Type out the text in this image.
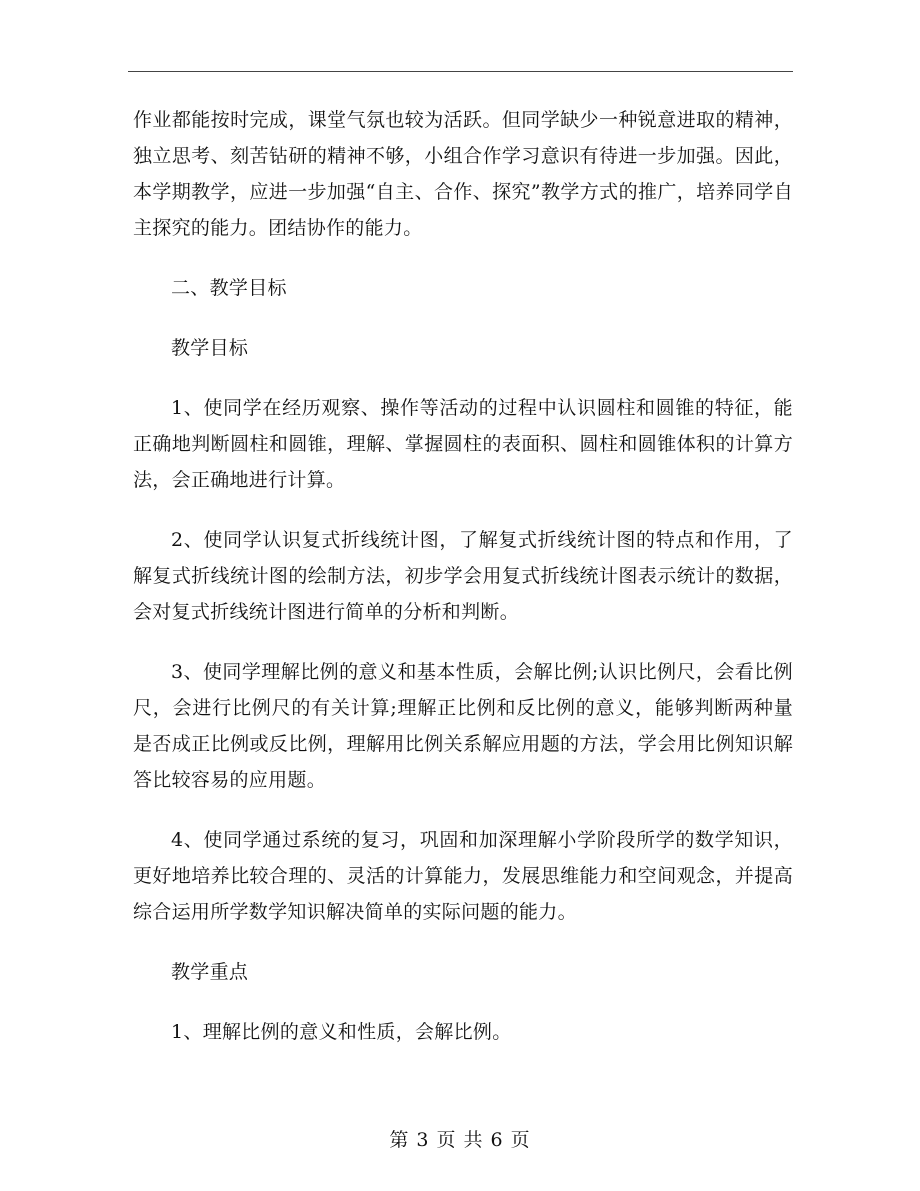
作业都能按时完成，课堂气氛也较为活跃。但同学缺少一种锐意进取的精神，独立思考、刻苦钻研的精神不够，小组合作学习意识有待进一步加强。因此，本学期教学，应进一步加强“自主、合作、探究”教学方式的推广，培养同学自主探究的能力。团结协作的能力。

二、教学目标

教学目标

1、使同学在经历观察、操作等活动的过程中认识圆柱和圆锥的特征，能正确地判断圆柱和圆锥，理解、掌握圆柱的表面积、圆柱和圆锥体积的计算方法，会正确地进行计算。

2、使同学认识复式折线统计图，了解复式折线统计图的特点和作用，了解复式折线统计图的绘制方法，初步学会用复式折线统计图表示统计的数据，会对复式折线统计图进行简单的分析和判断。

3、使同学理解比例的意义和基本性质，会解比例;认识比例尺，会看比例尺，会进行比例尺的有关计算;理解正比例和反比例的意义，能够判断两种量是否成正比例或反比例，理解用比例关系解应用题的方法，学会用比例知识解答比较容易的应用题。

4、使同学通过系统的复习，巩固和加深理解小学阶段所学的数学知识，更好地培养比较合理的、灵活的计算能力，发展思维能力和空间观念，并提高综合运用所学数学知识解决简单的实际问题的能力。

教学重点

1、理解比例的意义和性质，会解比例。

第 3 页 共 6 页
